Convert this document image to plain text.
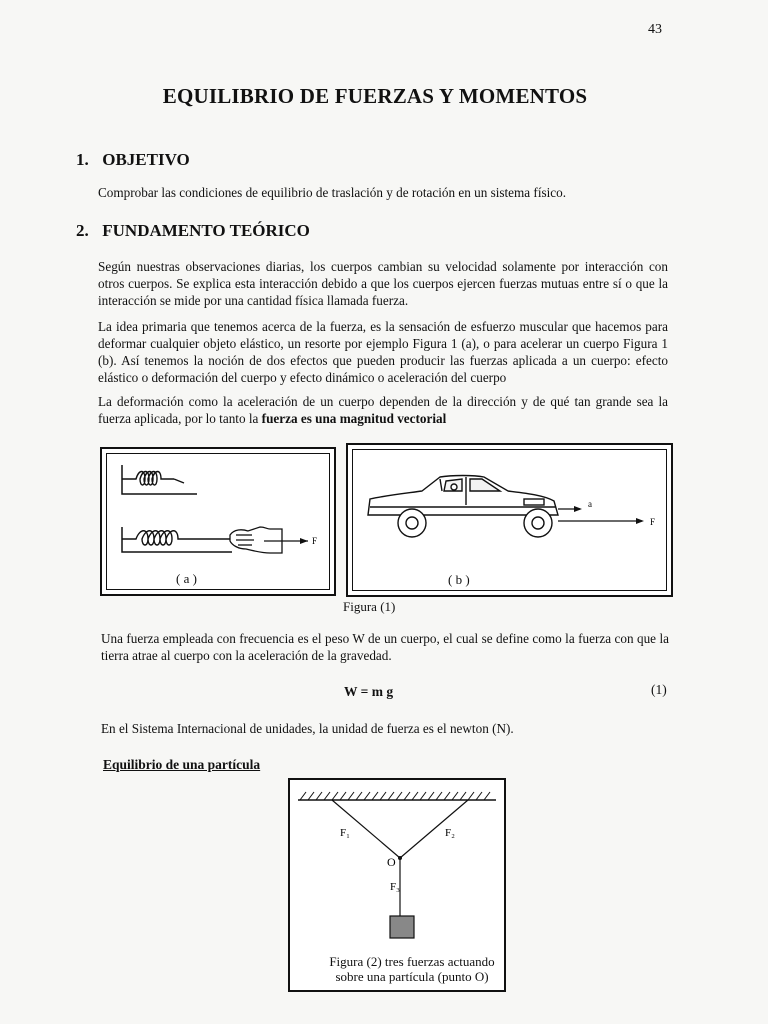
43
EQUILIBRIO DE FUERZAS Y MOMENTOS
1. OBJETIVO

Comprobar las condiciones de equilibrio de traslación y de rotación en un sistema físico.

2. FUNDAMENTO TEÓRICO

Según nuestras observaciones diarias, los cuerpos cambian su velocidad solamente por interacción con otros cuerpos. Se explica esta interacción debido a que los cuerpos ejercen fuerzas mutuas entre sí o que la interacción se mide por una cantidad física llamada fuerza.

La idea primaria que tenemos acerca de la fuerza, es la sensación de esfuerzo muscular que hacemos para deformar cualquier objeto elástico, un resorte por ejemplo Figura 1 (a), o para acelerar un cuerpo Figura 1 (b). Así tenemos la noción de dos efectos que pueden producir las fuerzas aplicada a un cuerpo: efecto elástico o deformación del cuerpo y efecto dinámico o aceleración del cuerpo

La deformación como la aceleración de un cuerpo dependen de la dirección y de qué tan grande sea la fuerza aplicada, por lo tanto la fuerza es una magnitud vectorial

F
( a )
a
F
( b )
Figura (1)

Una fuerza empleada con frecuencia es el peso W de un cuerpo, el cual se define como la fuerza con que la tierra atrae al cuerpo con la aceleración de la gravedad.

W = m g	(1)

En el Sistema Internacional de unidades, la unidad de fuerza es el newton (N).

Equilibrio de una partícula
F₁	F₂
O
F₃
Figura (2) tres fuerzas actuando sobre una partícula (punto O)
